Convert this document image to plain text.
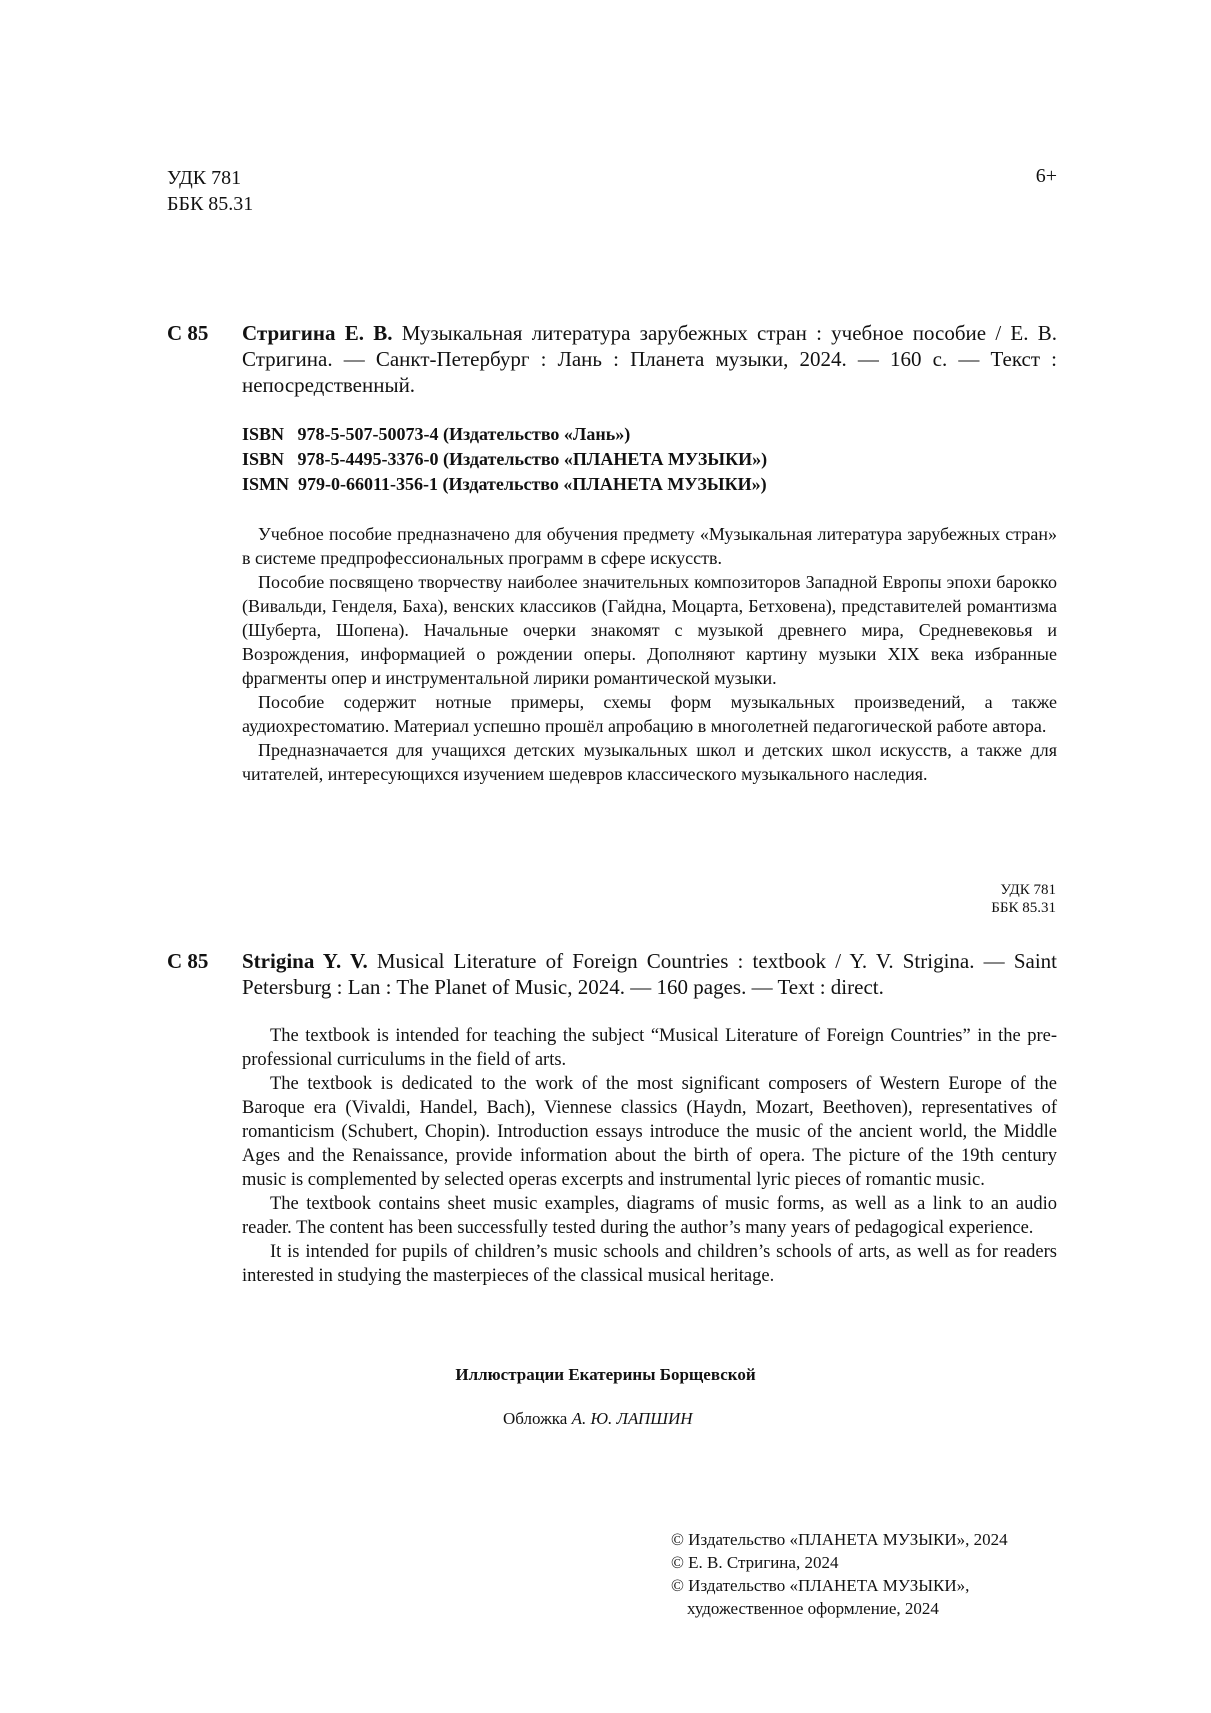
УДК 781
ББК 85.31
6+
С 85 Стригина Е. В. Музыкальная литература зарубежных стран : учебное пособие / Е. В. Стригина. — Санкт-Петербург : Лань : Планета музыки, 2024. — 160 с. — Текст : непосредственный.
ISBN   978-5-507-50073-4 (Издательство «Лань»)
ISBN   978-5-4495-3376-0 (Издательство «ПЛАНЕТА МУЗЫКИ»)
ISMN  979-0-66011-356-1 (Издательство «ПЛАНЕТА МУЗЫКИ»)

Учебное пособие предназначено для обучения предмету «Музыкальная литература зарубежных стран» в системе предпрофессиональных программ в сфере искусств.

Пособие посвящено творчеству наиболее значительных композиторов Западной Европы эпохи барокко (Вивальди, Генделя, Баха), венских классиков (Гайдна, Моцарта, Бетховена), представителей романтизма (Шуберта, Шопена). Начальные очерки знакомят с музыкой древнего мира, Средневековья и Возрождения, информацией о рождении оперы. Дополняют картину музыки XIX века избранные фрагменты опер и инструментальной лирики романтической музыки.

Пособие содержит нотные примеры, схемы форм музыкальных произведений, а также аудиохрестоматию. Материал успешно прошёл апробацию в многолетней педагогической работе автора.

Предназначается для учащихся детских музыкальных школ и детских школ искусств, а также для читателей, интересующихся изучением шедевров классического музыкального наследия.

УДК 781
ББК 85.31
С 85 Strigina Y. V. Musical Literature of Foreign Countries : textbook / Y. V. Strigina. — Saint Petersburg : Lan : The Planet of Music, 2024. — 160 pages. — Text : direct.

The textbook is intended for teaching the subject “Musical Literature of Foreign Countries” in the pre-professional curriculums in the field of arts.

The textbook is dedicated to the work of the most significant composers of Western Europe of the Baroque era (Vivaldi, Handel, Bach), Viennese classics (Haydn, Mozart, Beethoven), representatives of romanticism (Schubert, Chopin). Introduction essays introduce the music of the ancient world, the Middle Ages and the Renaissance, provide information about the birth of opera. The picture of the 19th century music is complemented by selected operas excerpts and instrumental lyric pieces of romantic music.

The textbook contains sheet music examples, diagrams of music forms, as well as a link to an audio reader. The content has been successfully tested during the author’s many years of pedagogical experience.

It is intended for pupils of children’s music schools and children’s schools of arts, as well as for readers interested in studying the masterpieces of the classical musical heritage.

Иллюстрации Екатерины Борщевской
Обложка А. Ю. ЛАПШИН
© Издательство «ПЛАНЕТА МУЗЫКИ», 2024
© Е. В. Стригина, 2024
© Издательство «ПЛАНЕТА МУЗЫКИ»,
художественное оформление, 2024
